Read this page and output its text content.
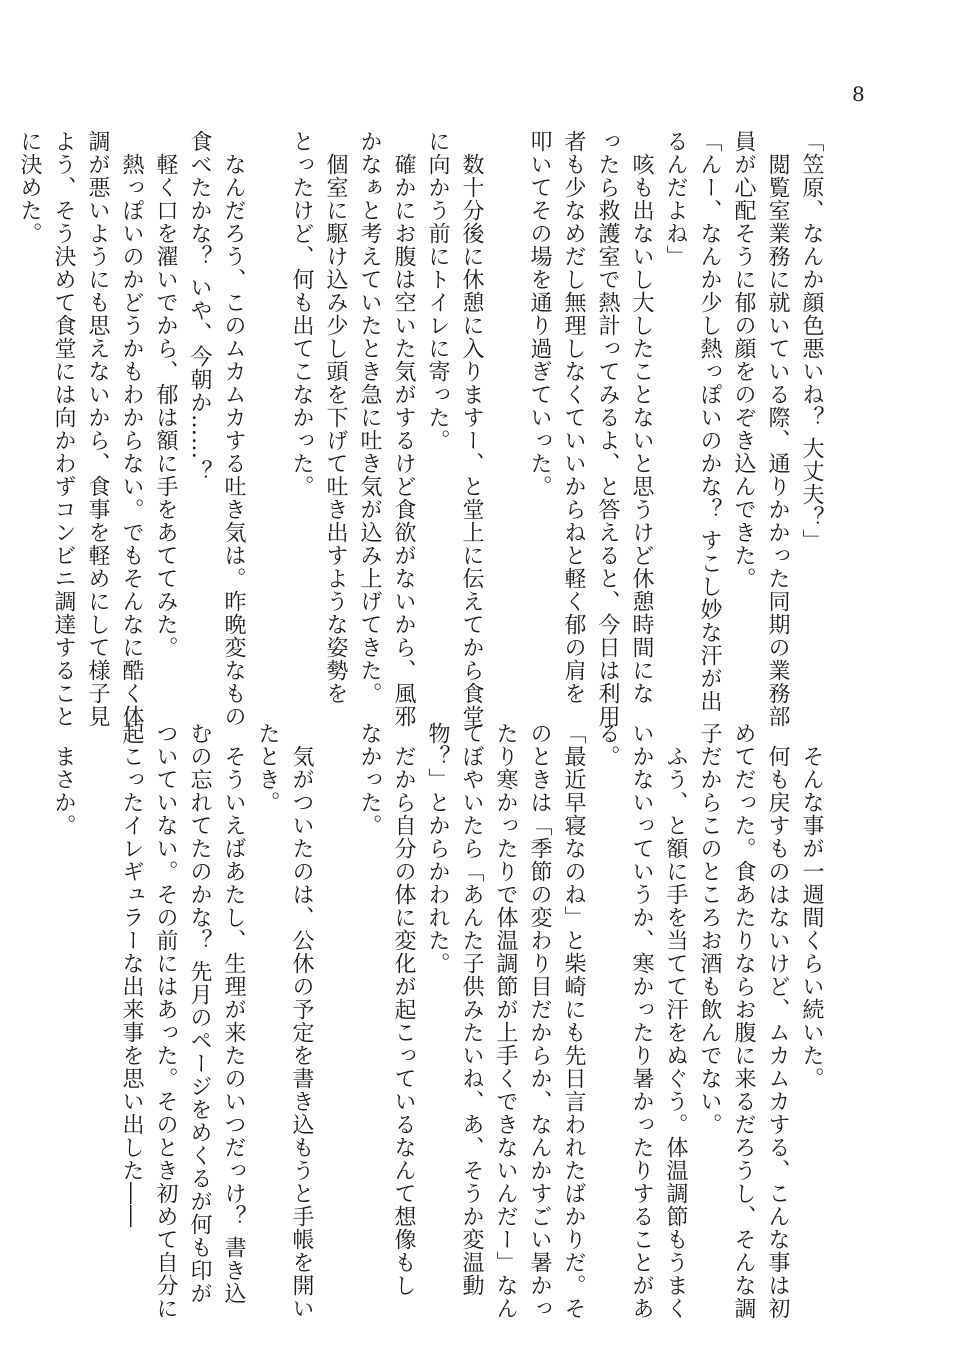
8
「笠原、なんか顔色悪いね？ 大丈夫？」
　閲覧室業務に就いている際、通りかかった同期の業務部
員が心配そうに郁の顔をのぞき込んできた。
「んー、なんか少し熱っぽいのかな？ すこし妙な汗が出
るんだよね」
　咳も出ないし大したことないと思うけど休憩時間にな
ったら救護室で熱計ってみるよ、と答えると、今日は利用
者も少なめだし無理しなくていいからねと軽く郁の肩を
叩いてその場を通り過ぎていった。

　数十分後に休憩に入りますー、と堂上に伝えてから食堂
に向かう前にトイレに寄った。
　確かにお腹は空いた気がするけど食欲がないから、風邪
かなぁと考えていたとき急に吐き気が込み上げてきた。
　個室に駆け込み少し頭を下げて吐き出すような姿勢を
とったけど、何も出てこなかった。

　なんだろう、このムカムカする吐き気は。昨晩変なもの
食べたかな？ いや、今朝か……？
　軽く口を濯いでから、郁は額に手をあててみた。
　熱っぽいのかどうかもわからない。でもそんなに酷く体
調が悪いようにも思えないから、食事を軽めにして様子見
よう、そう決めて食堂には向かわずコンビニ調達すること
に決めた。
　そんな事が一週間くらい続いた。
　何も戻すものはないけど、ムカムカする、こんな事は初
めてだった。食あたりならお腹に来るだろうし、そんな調
子だからこのところお酒も飲んでない。
　ふう、と額に手を当てて汗をぬぐう。体温調節もうまく
いかないっていうか、寒かったり暑かったりすることがあ
る。
「最近早寝なのね」と柴崎にも先日言われたばかりだ。そ
のときは「季節の変わり目だからか、なんかすごい暑かっ
たり寒かったりで体温調節が上手くできないんだー」なん
てぼやいたら「あんた子供みたいね、あ、そうか変温動
物？」とからかわれた。
　だから自分の体に変化が起こっているなんて想像もし
なかった。

　気がついたのは、公休の予定を書き込もうと手帳を開い
たとき。
　そういえばあたし、生理が来たのいつだっけ？ 書き込
むの忘れてたのかな？ 先月のページをめくるが何も印が
ついていない。その前にはあった。そのとき初めて自分に
起こったイレギュラーな出来事を思い出した――

　まさか。
